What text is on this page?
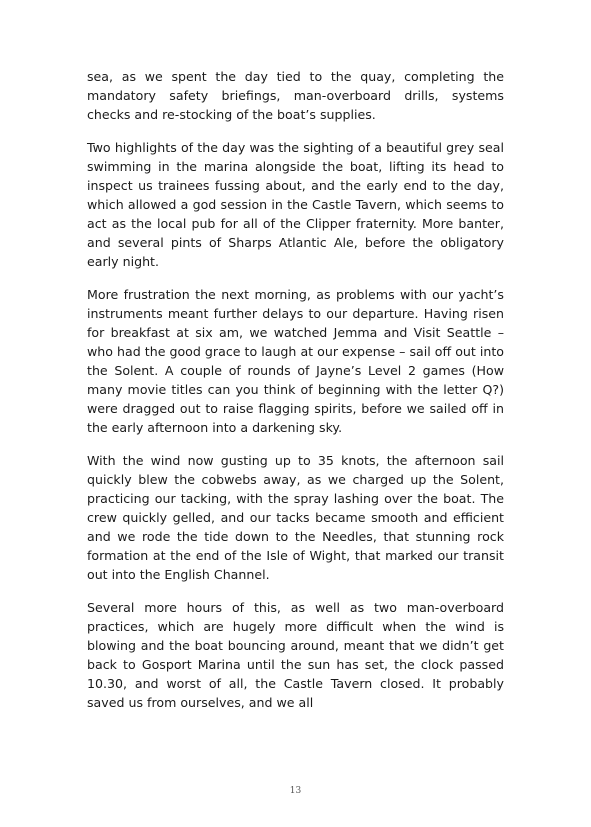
sea, as we spent the day tied to the quay, completing the mandatory safety briefings, man-overboard drills, systems checks and re-stocking of the boat’s supplies.

Two highlights of the day was the sighting of a beautiful grey seal swimming in the marina alongside the boat, lifting its head to inspect us trainees fussing about, and the early end to the day, which allowed a god session in the Castle Tavern, which seems to act as the local pub for all of the Clipper fraternity. More banter, and several pints of Sharps Atlantic Ale, before the obligatory early night.

More frustration the next morning, as problems with our yacht’s instruments meant further delays to our departure. Having risen for breakfast at six am, we watched Jemma and Visit Seattle – who had the good grace to laugh at our expense – sail off out into the Solent. A couple of rounds of Jayne’s Level 2 games (How many movie titles can you think of beginning with the letter Q?) were dragged out to raise flagging spirits, before we sailed off in the early afternoon into a darkening sky.

With the wind now gusting up to 35 knots, the afternoon sail quickly blew the cobwebs away, as we charged up the Solent, practicing our tacking, with the spray lashing over the boat. The crew quickly gelled, and our tacks became smooth and efficient and we rode the tide down to the Needles, that stunning rock formation at the end of the Isle of Wight, that marked our transit out into the English Channel.

Several more hours of this, as well as two man-overboard practices, which are hugely more difficult when the wind is blowing and the boat bouncing around, meant that we didn’t get back to Gosport Marina until the sun has set, the clock passed 10.30, and worst of all, the Castle Tavern closed. It probably saved us from ourselves, and we all

13
